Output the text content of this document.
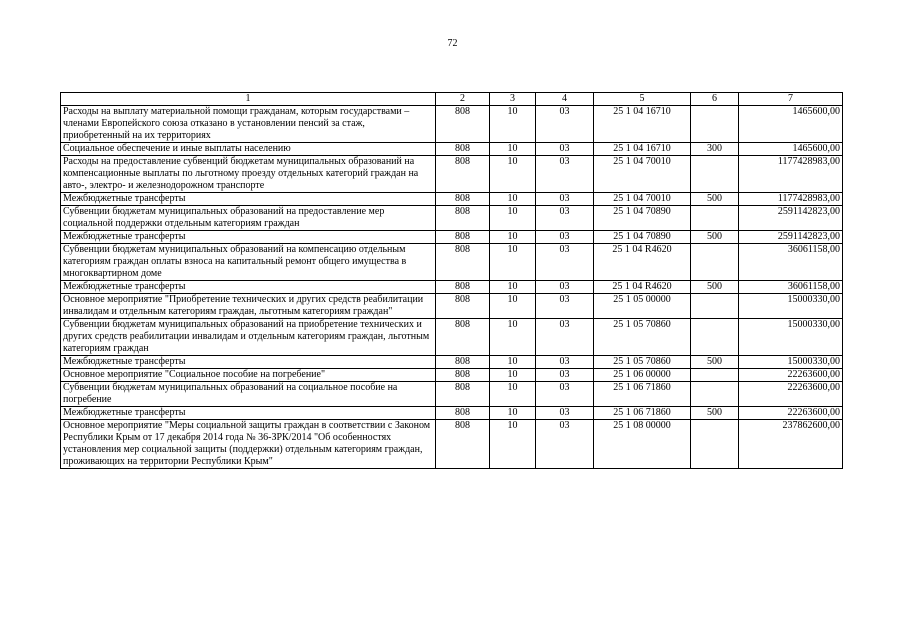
72
1	2	3	4	5	6	7
Расходы на выплату материальной помощи гражданам, которым государствами – членами Европейского союза отказано в установлении пенсий за стаж, приобретенный на их территориях	808	10	03	25 1 04 16710		1465600,00
Социальное обеспечение и иные выплаты населению	808	10	03	25 1 04 16710	300	1465600,00
Расходы на предоставление субвенций бюджетам муниципальных образований на компенсационные выплаты по льготному проезду отдельных категорий граждан на авто-, электро- и железнодорожном транспорте	808	10	03	25 1 04 70010		1177428983,00
Межбюджетные трансферты	808	10	03	25 1 04 70010	500	1177428983,00
Субвенции бюджетам муниципальных образований на предоставление мер социальной поддержки отдельным категориям граждан	808	10	03	25 1 04 70890		2591142823,00
Межбюджетные трансферты	808	10	03	25 1 04 70890	500	2591142823,00
Субвенции бюджетам муниципальных образований на компенсацию отдельным категориям граждан оплаты взноса на капитальный ремонт общего имущества в многоквартирном доме	808	10	03	25 1 04 R4620		36061158,00
Межбюджетные трансферты	808	10	03	25 1 04 R4620	500	36061158,00
Основное мероприятие "Приобретение технических и других средств реабилитации инвалидам и отдельным категориям граждан, льготным категориям граждан"	808	10	03	25 1 05 00000		15000330,00
Субвенции бюджетам муниципальных образований на приобретение технических и других средств реабилитации инвалидам и отдельным категориям граждан, льготным категориям граждан	808	10	03	25 1 05 70860		15000330,00
Межбюджетные трансферты	808	10	03	25 1 05 70860	500	15000330,00
Основное мероприятие "Социальное пособие на погребение"	808	10	03	25 1 06 00000		22263600,00
Субвенции бюджетам муниципальных образований на социальное пособие на погребение	808	10	03	25 1 06 71860		22263600,00
Межбюджетные трансферты	808	10	03	25 1 06 71860	500	22263600,00
Основное мероприятие "Меры социальной защиты граждан в соответствии с Законом Республики Крым от 17 декабря 2014 года № 36-ЗРК/2014 "Об особенностях установления мер социальной защиты (поддержки) отдельным категориям граждан, проживающих на территории Республики Крым"	808	10	03	25 1 08 00000		237862600,00
